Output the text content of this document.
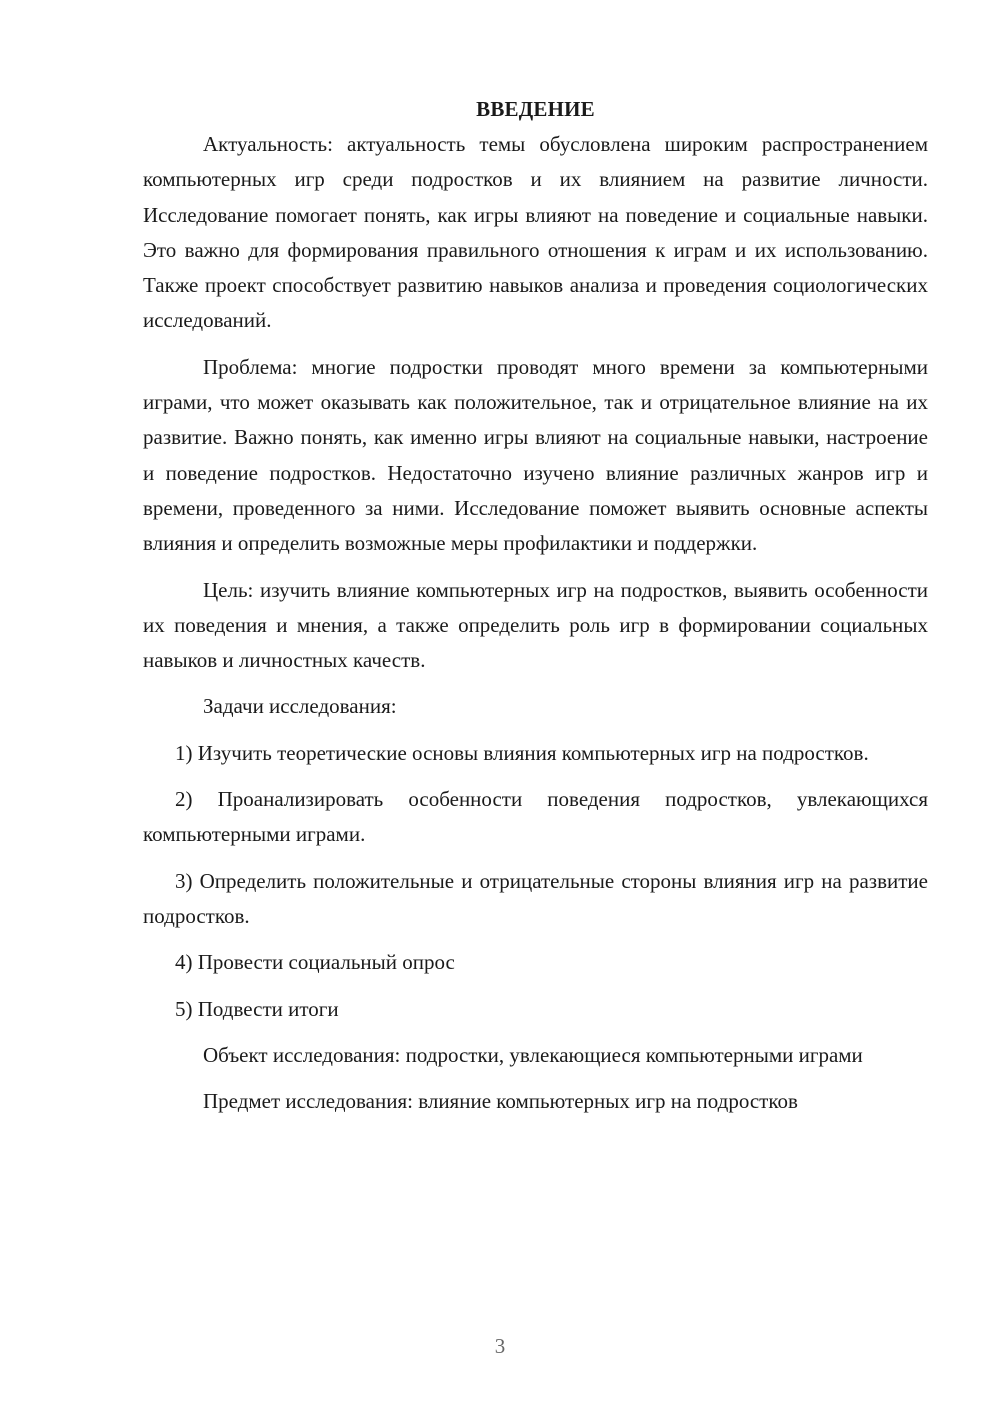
ВВЕДЕНИЕ

Актуальность: актуальность темы обусловлена широким распространением компьютерных игр среди подростков и их влиянием на развитие личности. Исследование помогает понять, как игры влияют на поведение и социальные навыки. Это важно для формирования правильного отношения к играм и их использованию. Также проект способствует развитию навыков анализа и проведения социологических исследований.

Проблема: многие подростки проводят много времени за компьютерными играми, что может оказывать как положительное, так и отрицательное влияние на их развитие. Важно понять, как именно игры влияют на социальные навыки, настроение и поведение подростков. Недостаточно изучено влияние различных жанров игр и времени, проведенного за ними. Исследование поможет выявить основные аспекты влияния и определить возможные меры профилактики и поддержки.

Цель: изучить влияние компьютерных игр на подростков, выявить особенности их поведения и мнения, а также определить роль игр в формировании социальных навыков и личностных качеств.

Задачи исследования:

1) Изучить теоретические основы влияния компьютерных игр на подростков.

2) Проанализировать особенности поведения подростков, увлекающихся компьютерными играми.

3) Определить положительные и отрицательные стороны влияния игр на развитие подростков.

4) Провести социальный опрос

5) Подвести итоги

Объект исследования: подростки, увлекающиеся компьютерными играми

Предмет исследования: влияние компьютерных игр на подростков

3
